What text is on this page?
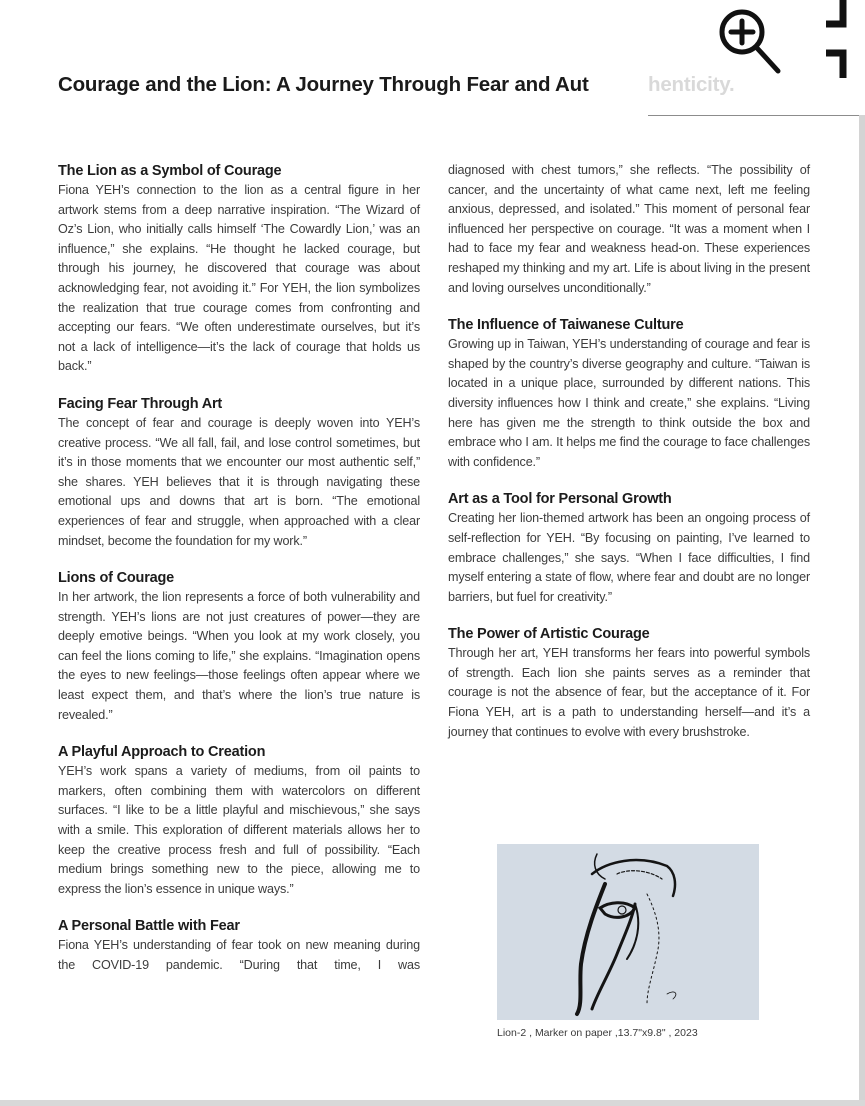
Courage and the Lion: A Journey Through Fear and Aut
The Lion as a Symbol of Courage

Fiona YEH’s connection to the lion as a central figure in her artwork stems from a deep narrative inspiration. “The Wizard of Oz’s Lion, who initially calls himself ‘The Cowardly Lion,’ was an influence,” she explains. “He thought he lacked courage, but through his journey, he discovered that courage was about acknowledging fear, not avoiding it.” For YEH, the lion symbolizes the realization that true courage comes from confronting and accepting our fears. “We often underestimate ourselves, but it’s not a lack of intelligence—it’s the lack of courage that holds us back.”

Facing Fear Through Art

The concept of fear and courage is deeply woven into YEH’s creative process. “We all fall, fail, and lose control sometimes, but it’s in those moments that we encounter our most authentic self,” she shares. YEH believes that it is through navigating these emotional ups and downs that art is born. “The emotional experiences of fear and struggle, when approached with a clear mindset, become the foundation for my work.”

Lions of Courage

In her artwork, the lion represents a force of both vulnerability and strength. YEH’s lions are not just creatures of power—they are deeply emotive beings. “When you look at my work closely, you can feel the lions coming to life,” she explains. “Imagination opens the eyes to new feelings—those feelings often appear where we least expect them, and that’s where the lion’s true nature is revealed.”

A Playful Approach to Creation

YEH’s work spans a variety of mediums, from oil paints to markers, often combining them with watercolors on different surfaces. “I like to be a little playful and mischievous,” she says with a smile. This exploration of different materials allows her to keep the creative process fresh and full of possibility. “Each medium brings something new to the piece, allowing me to express the lion’s essence in unique ways.”

A Personal Battle with Fear

Fiona YEH’s understanding of fear took on new meaning during the COVID-19 pandemic. “During that time, I was

diagnosed with chest tumors,” she reflects. “The possibility of cancer, and the uncertainty of what came next, left me feeling anxious, depressed, and isolated.” This moment of personal fear influenced her perspective on courage. “It was a moment when I had to face my fear and weakness head-on. These experiences reshaped my thinking and my art. Life is about living in the present and loving ourselves unconditionally.”

The Influence of Taiwanese Culture

Growing up in Taiwan, YEH’s understanding of courage and fear is shaped by the country’s diverse geography and culture. “Taiwan is located in a unique place, surrounded by different nations. This diversity influences how I think and create,” she explains. “Living here has given me the strength to think outside the box and embrace who I am. It helps me find the courage to face challenges with confidence.”

Art as a Tool for Personal Growth

Creating her lion-themed artwork has been an ongoing process of self-reflection for YEH. “By focusing on painting, I’ve learned to embrace challenges,” she says. “When I face difficulties, I find myself entering a state of flow, where fear and doubt are no longer barriers, but fuel for creativity.”

The Power of Artistic Courage

Through her art, YEH transforms her fears into powerful symbols of strength. Each lion she paints serves as a reminder that courage is not the absence of fear, but the acceptance of it. For Fiona YEH, art is a path to understanding herself—and it’s a journey that continues to evolve with every brushstroke.

Lion-2 , Marker on paper ,13.7"x9.8" , 2023
henticity.
